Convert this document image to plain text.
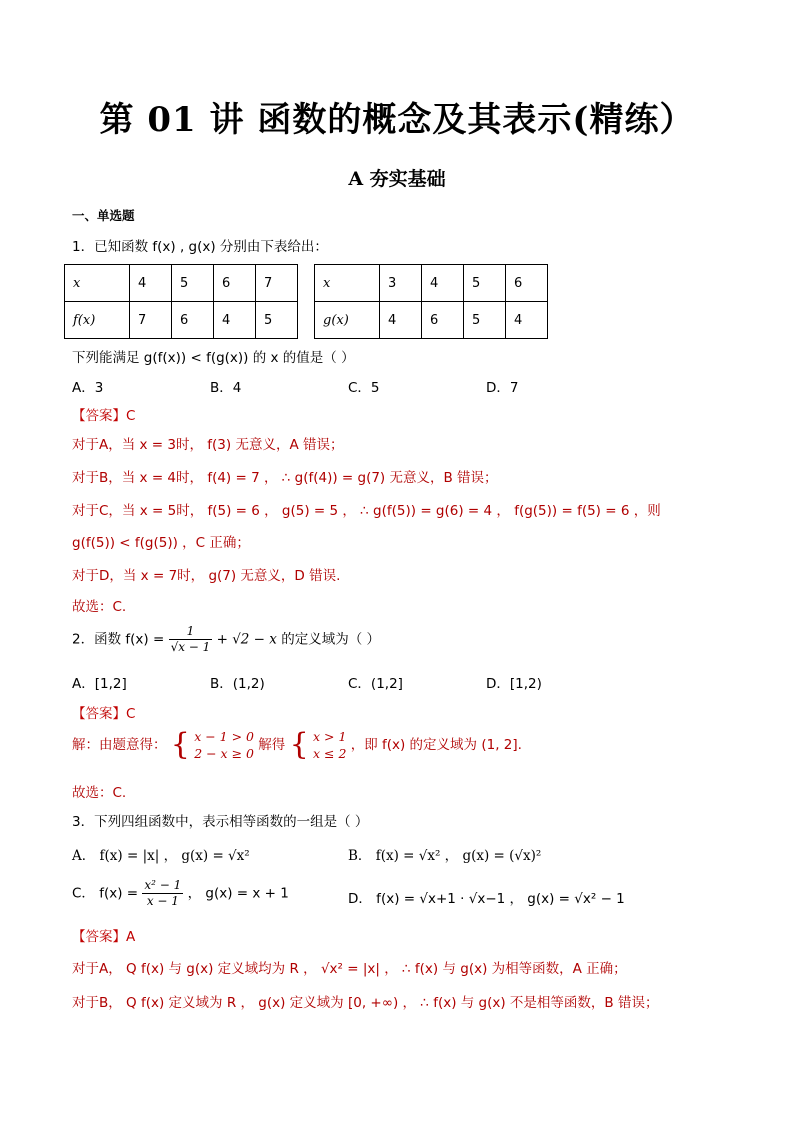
第 01 讲 函数的概念及其表示(精练）
A 夯实基础
一、单选题
1．已知函数 f(x) , g(x) 分别由下表给出：
x	4	5	6	7
f(x)	7	6	4	5
x	3	4	5	6
g(x)	4	6	5	4
下列能满足 g(f(x)) < f(g(x)) 的 x 的值是（ ）
A．3	B．4	C．5	D．7
【答案】C
对于A，当 x = 3时， f(3) 无意义，A 错误；
对于B，当 x = 4时， f(4) = 7 ， ∴ g(f(4)) = g(7) 无意义，B 错误；
对于C，当 x = 5时， f(5) = 6 ， g(5) = 5 ， ∴ g(f(5)) = g(6) = 4 ， f(g(5)) = f(5) = 6 ，则
g(f(5)) < f(g(5)) ，C 正确；
对于D，当 x = 7时， g(7) 无意义，D 错误.
故选：C.
2．函数 $f(x) = \frac{1}{√x - 1} + √2 - x$ 的定义域为（ ）
A．[1,2]	B．(1,2)	C．(1,2]	D．[1,2)
【答案】C
解：由题意得： { x − 1 > 0
2 − x ≥ 0
解得 { x > 1
x ≤ 2
，即 f(x) 的定义域为 (1, 2].
故选：C.
3．下列四组函数中，表示相等函数的一组是（ ）
A． f(x) = |x| ， g(x) = √x²	B． f(x) = √x² ， g(x) = (√x)²
C． $f(x) = \frac{\text{x² − 1}}{x - 1}$ ， g(x) = x + 1	D． f(x) = √x+1 · √x−1 ， g(x) = √x² − 1
【答案】A
对于A， Q f(x) 与 g(x) 定义域均为 R ， √x² = |x| ， ∴ f(x) 与 g(x) 为相等函数，A 正确；
对于B， Q f(x) 定义域为 R ， g(x) 定义域为 [0, +∞) ， ∴ f(x) 与 g(x) 不是相等函数，B 错误；
